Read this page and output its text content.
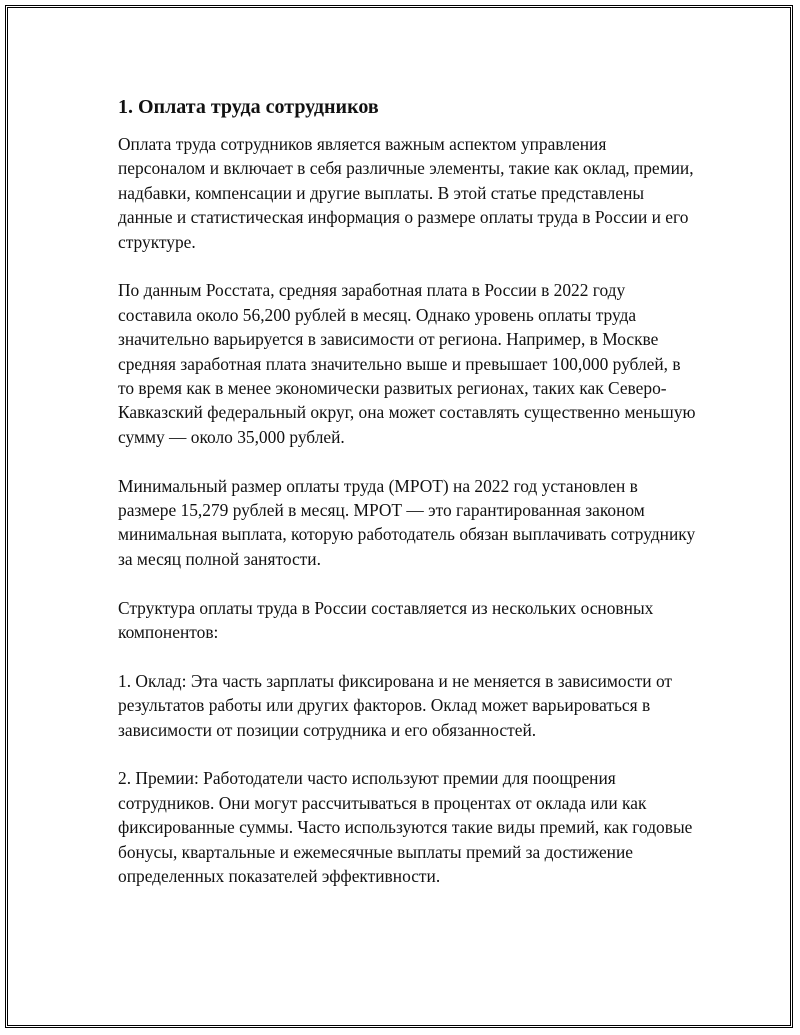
1. Оплата труда сотрудников

Оплата труда сотрудников является важным аспектом управления персоналом и включает в себя различные элементы, такие как оклад, премии, надбавки, компенсации и другие выплаты. В этой статье представлены данные и статистическая информация о размере оплаты труда в России и его структуре.

По данным Росстата, средняя заработная плата в России в 2022 году составила около 56,200 рублей в месяц. Однако уровень оплаты труда значительно варьируется в зависимости от региона. Например, в Москве средняя заработная плата значительно выше и превышает 100,000 рублей, в то время как в менее экономически развитых регионах, таких как Северо-Кавказский федеральный округ, она может составлять существенно меньшую сумму — около 35,000 рублей.

Минимальный размер оплаты труда (МРОТ) на 2022 год установлен в размере 15,279 рублей в месяц. МРОТ — это гарантированная законом минимальная выплата, которую работодатель обязан выплачивать сотруднику за месяц полной занятости.

Структура оплаты труда в России составляется из нескольких основных компонентов:

1. Оклад: Эта часть зарплаты фиксирована и не меняется в зависимости от результатов работы или других факторов. Оклад может варьироваться в зависимости от позиции сотрудника и его обязанностей.

2. Премии: Работодатели часто используют премии для поощрения сотрудников. Они могут рассчитываться в процентах от оклада или как фиксированные суммы. Часто используются такие виды премий, как годовые бонусы, квартальные и ежемесячные выплаты премий за достижение определенных показателей эффективности.
